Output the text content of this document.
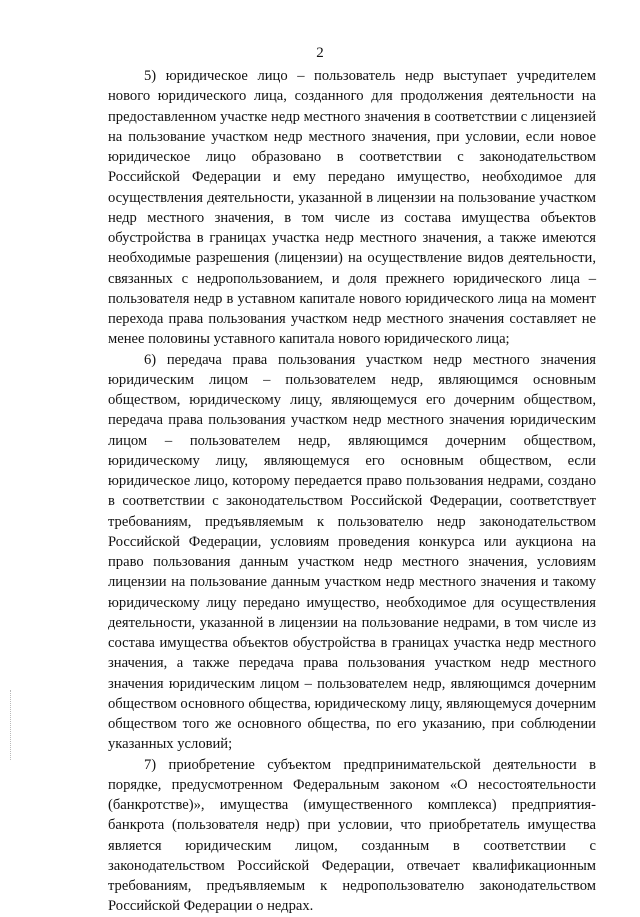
2

5) юридическое лицо – пользователь недр выступает учредителем нового юридического лица, созданного для продолжения деятельности на предоставленном участке недр местного значения в соответствии с лицензией на пользование участком недр местного значения, при условии, если новое юридическое лицо образовано в соответствии с законодательством Российской Федерации и ему передано имущество, необходимое для осуществления деятельности, указанной в лицензии на пользование участком недр местного значения, в том числе из состава имущества объектов обустройства в границах участка недр местного значения, а также имеются необходимые разрешения (лицензии) на осуществление видов деятельности, связанных с недропользованием, и доля прежнего юридического лица – пользователя недр в уставном капитале нового юридического лица на момент перехода права пользования участком недр местного значения составляет не менее половины уставного капитала нового юридического лица;

6) передача права пользования участком недр местного значения юридическим лицом – пользователем недр, являющимся основным обществом, юридическому лицу, являющемуся его дочерним обществом, передача права пользования участком недр местного значения юридическим лицом – пользователем недр, являющимся дочерним обществом, юридическому лицу, являющемуся его основным обществом, если юридическое лицо, которому передается право пользования недрами, создано в соответствии с законодательством Российской Федерации, соответствует требованиям, предъявляемым к пользователю недр законодательством Российской Федерации, условиям проведения конкурса или аукциона на право пользования данным участком недр местного значения, условиям лицензии на пользование данным участком недр местного значения и такому юридическому лицу передано имущество, необходимое для осуществления деятельности, указанной в лицензии на пользование недрами, в том числе из состава имущества объектов обустройства в границах участка недр местного значения, а также передача права пользования участком недр местного значения юридическим лицом – пользователем недр, являющимся дочерним обществом основного общества, юридическому лицу, являющемуся дочерним обществом того же основного общества, по его указанию, при соблюдении указанных условий;

7) приобретение субъектом предпринимательской деятельности в порядке, предусмотренном Федеральным законом «О несостоятельности (банкротстве)», имущества (имущественного комплекса) предприятия-банкрота (пользователя недр) при условии, что приобретатель имущества является юридическим лицом, созданным в соответствии с законодательством Российской Федерации, отвечает квалификационным требованиям, предъявляемым к недропользователю законодательством Российской Федерации о недрах.
